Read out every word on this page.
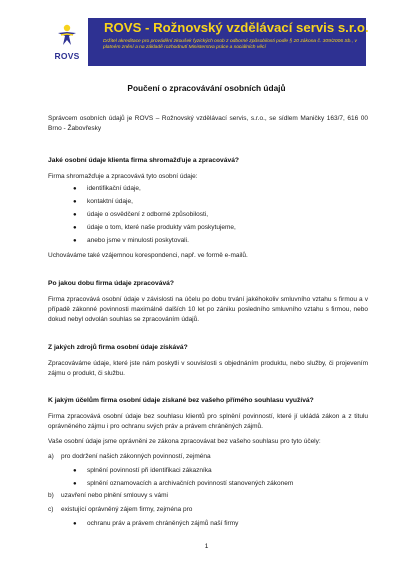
ROVS
ROVS - Rožnovský vzdělávací servis s.r.o.
Držitel akreditace pro provádění zkoušek fyzických osob z odborné způsobilosti podle § 20 zákona č. 309/2006 Sb., v platném znění a na základě rozhodnutí Ministerstva práce a sociálních věcí
Poučení o zpracovávání osobních údajů
Správcem osobních údajů je ROVS – Rožnovský vzdělávací servis, s.r.o., se sídlem Maničky 163/7, 616 00 Brno - Žabovřesky
Jaké osobní údaje klienta firma shromažďuje a zpracovává?
Firma shromažďuje a zpracovává tyto osobní údaje:
● identifikační údaje,
● kontaktní údaje,
● údaje o osvědčení z odborné způsobilosti,
● údaje o tom, které naše produkty vám poskytujeme,
● anebo jsme v minulosti poskytovali.
Uchováváme také vzájemnou korespondenci, např. ve formě e-mailů.
Po jakou dobu firma údaje zpracovává?
Firma zpracovává osobní údaje v závislosti na účelu po dobu trvání jakéhokoliv smluvního vztahu s firmou a v případě zákonné povinnosti maximálně dalších 10 let po zániku posledního smluvního vztahu s firmou, nebo dokud nebyl odvolán souhlas se zpracováním údajů.
Z jakých zdrojů firma osobní údaje získává?
Zpracováváme údaje, které jste nám poskytli v souvislosti s objednáním produktu, nebo služby, či projevením zájmu o produkt, či službu.
K jakým účelům firma osobní údaje získané bez vašeho přímého souhlasu využívá?
Firma zpracovává osobní údaje bez souhlasu klientů pro splnění povinností, které jí ukládá zákon a z titulu oprávněného zájmu i pro ochranu svých práv a právem chráněných zájmů.
Vaše osobní údaje jsme oprávněni ze zákona zpracovávat bez vašeho souhlasu pro tyto účely:
a) pro dodržení našich zákonných povinností, zejména
● splnění povinností při identifikaci zákazníka
● splnění oznamovacích a archivačních povinností stanovených zákonem
b) uzavření nebo plnění smlouvy s vámi
c) existující oprávněný zájem firmy, zejména pro
● ochranu práv a právem chráněných zájmů naší firmy
1
